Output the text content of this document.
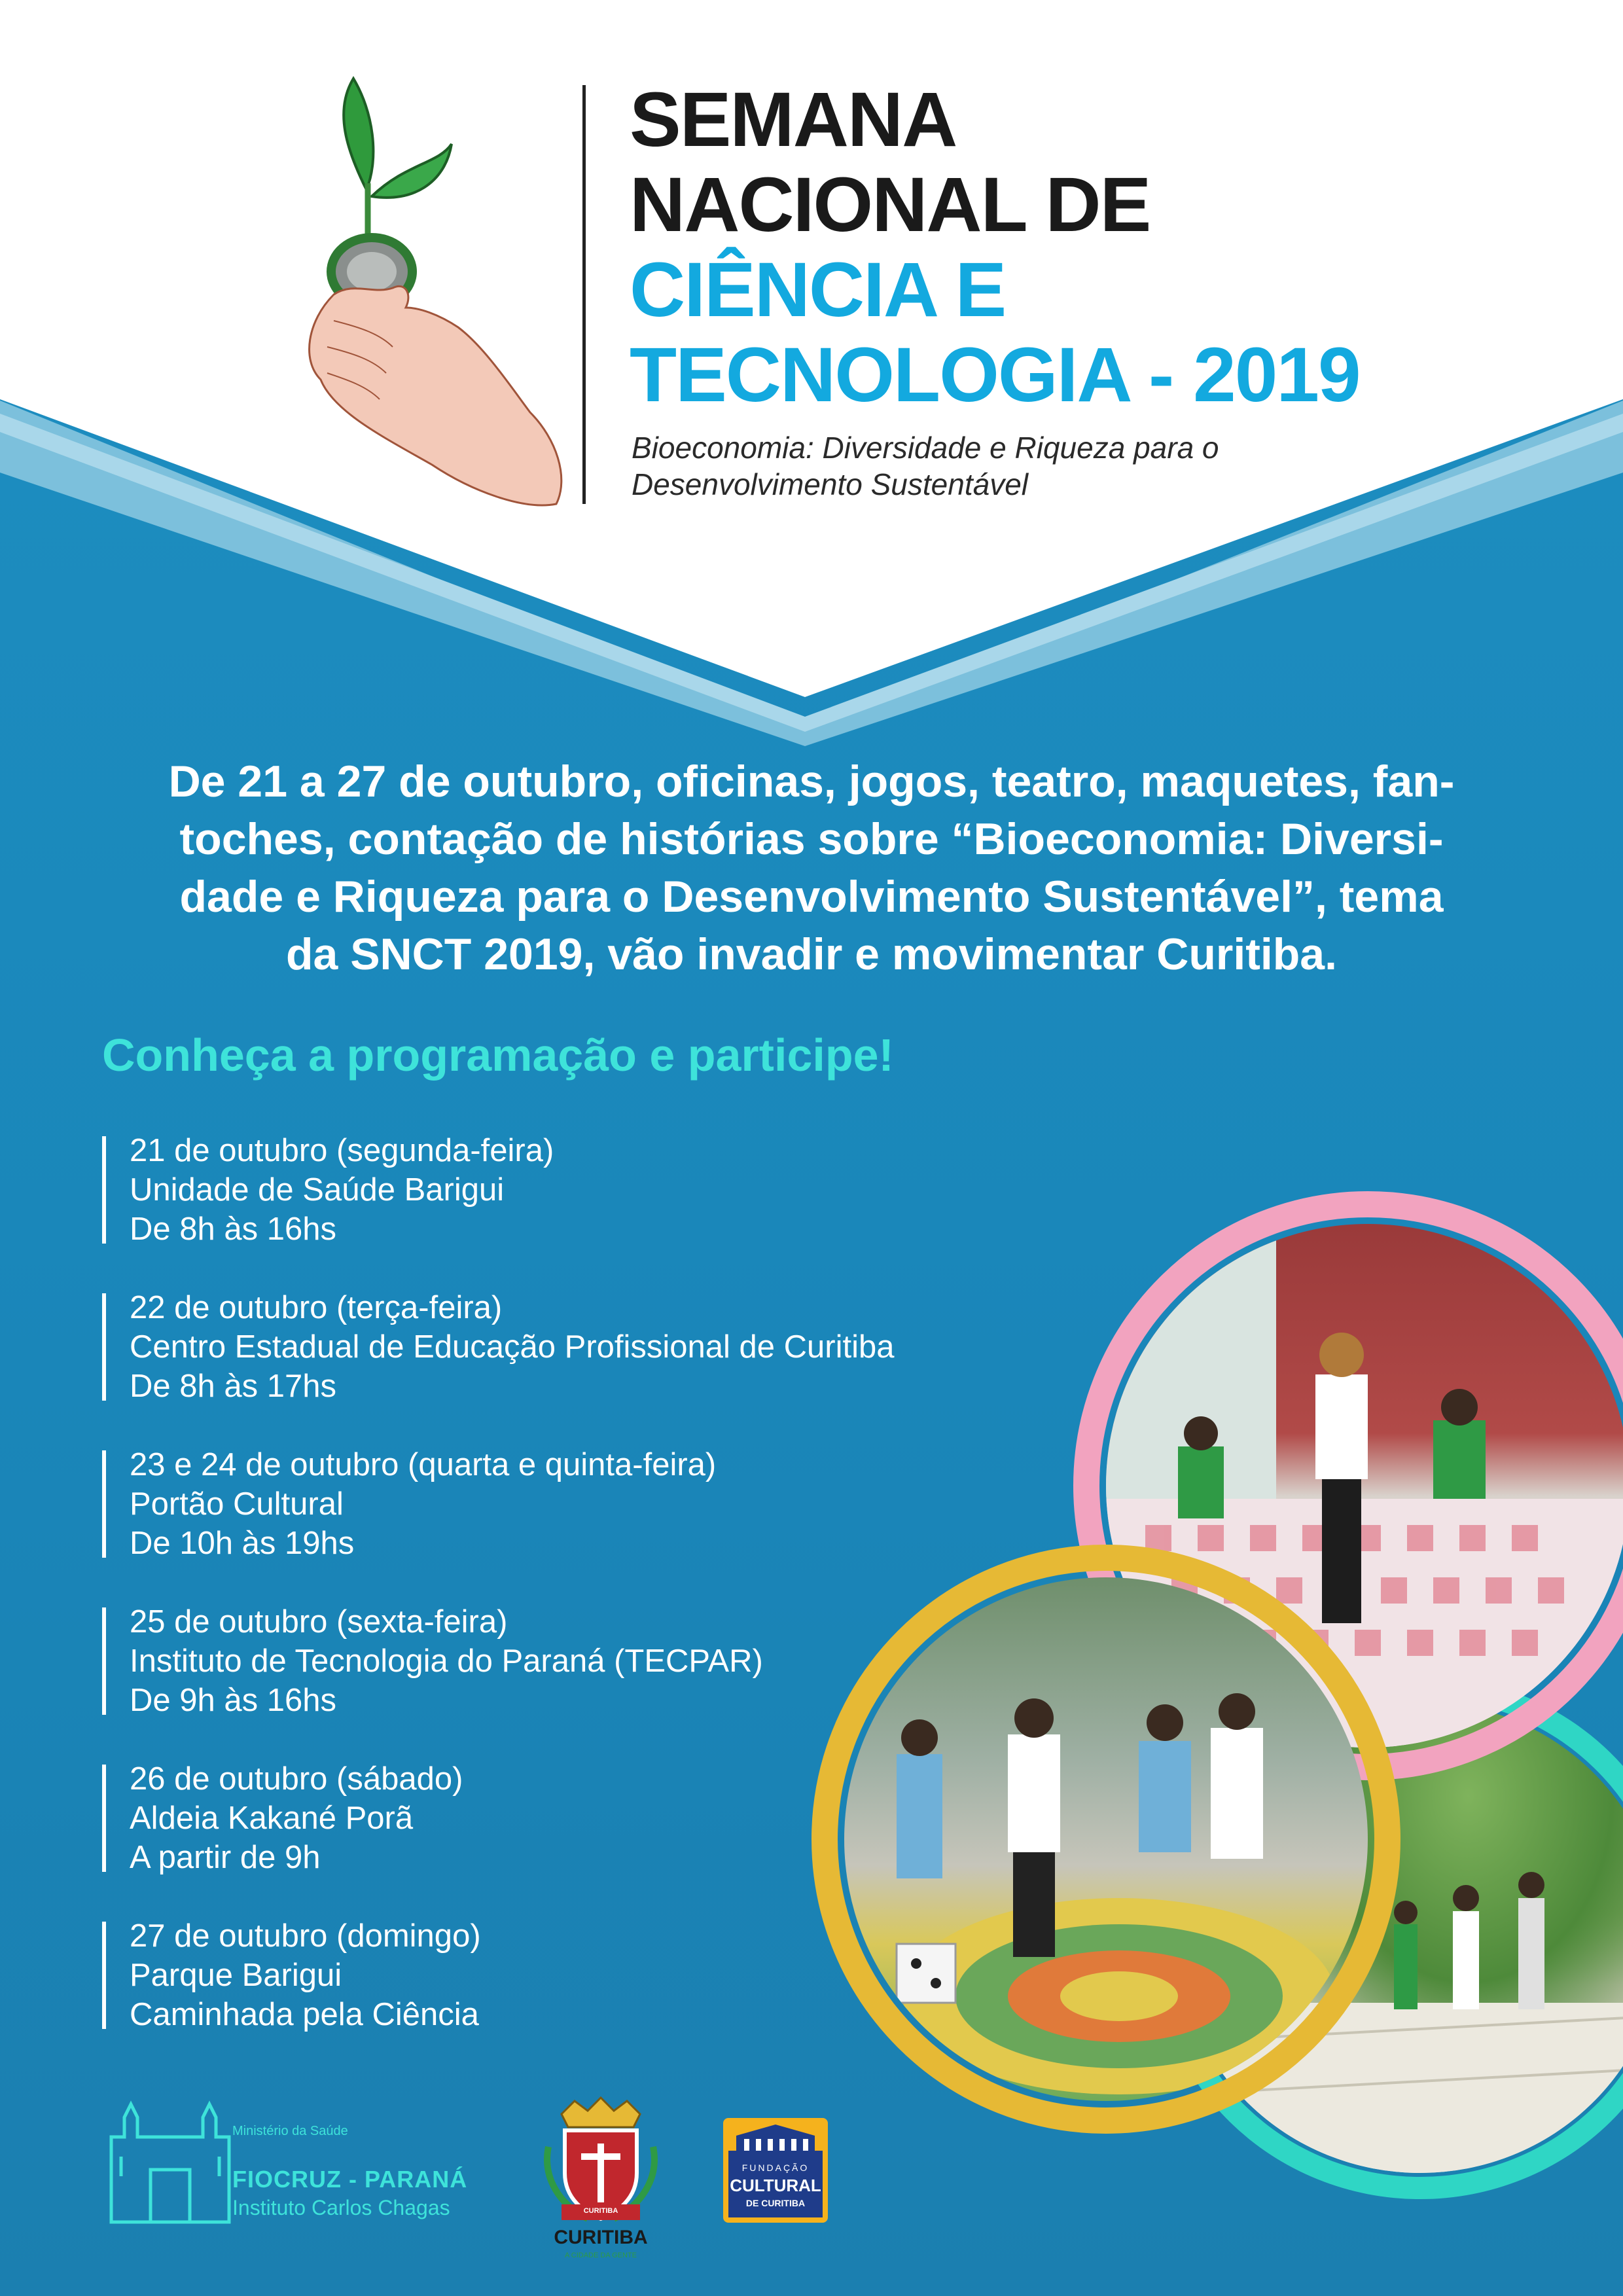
SEMANA
NACIONAL DE
CIÊNCIA E
TECNOLOGIA - 2019
Bioeconomia: Diversidade e Riqueza para o
Desenvolvimento Sustentável
De 21 a 27 de outubro, oficinas, jogos, teatro, maquetes, fan-
toches, contação de histórias sobre “Bioeconomia: Diversi-
dade e Riqueza para o Desenvolvimento Sustentável”, tema
da SNCT 2019, vão invadir e movimentar Curitiba.
Conheça a programação e participe!
21 de outubro (segunda-feira)
Unidade de Saúde Barigui
De 8h às 16hs
22 de outubro (terça-feira)
Centro Estadual de Educação Profissional de Curitiba
De 8h às 17hs
23 e 24 de outubro (quarta e quinta-feira)
Portão Cultural
De 10h às 19hs
25 de outubro (sexta-feira)
Instituto de Tecnologia do Paraná (TECPAR)
De 9h às 16hs
26 de outubro (sábado)
Aldeia Kakané Porã
A partir de 9h
27 de outubro (domingo)
Parque Barigui
Caminhada pela Ciência
Ministério da Saúde
FIOCRUZ - PARANÁ
Instituto Carlos Chagas	CURITIBA
CURITIBA
A CIDADE DA GENTE
FUNDAÇÃO
CULTURAL
DE CURITIBA
